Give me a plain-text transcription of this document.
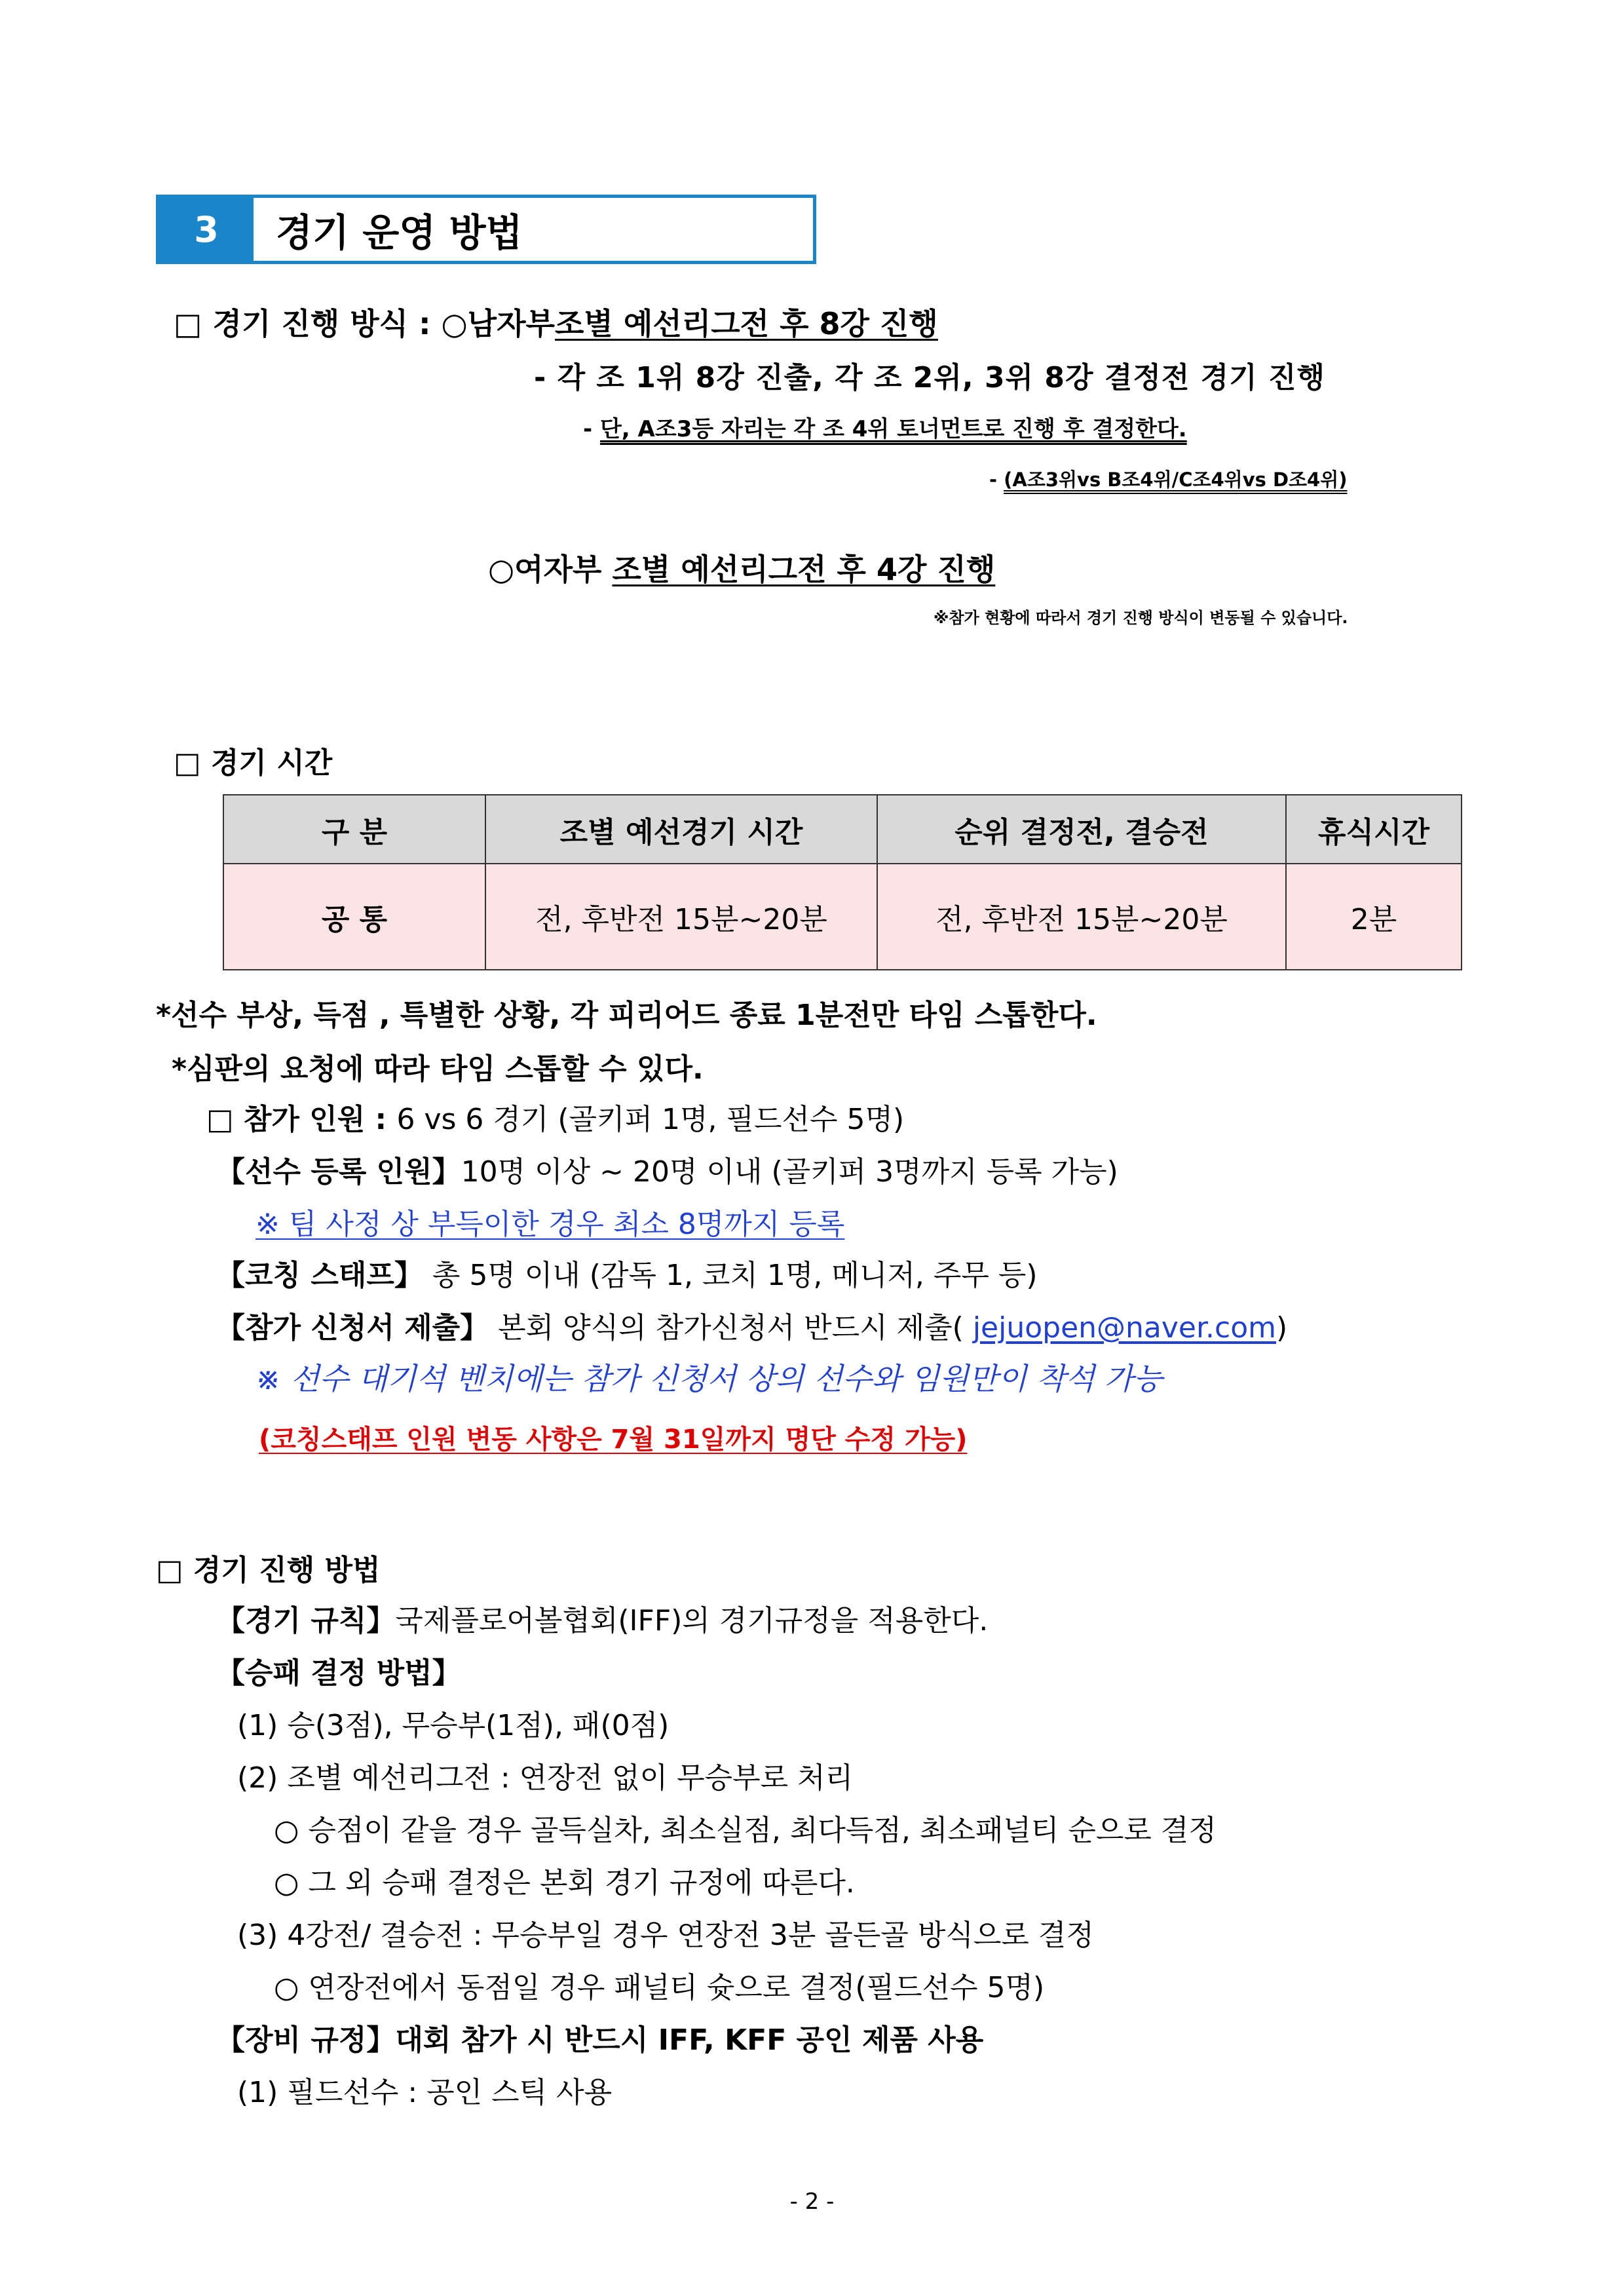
3	경기 운영 방법
□ 경기 진행 방식 : ○남자부조별 예선리그전 후 8강 진행
- 각 조 1위 8강 진출, 각 조 2위, 3위 8강 결정전 경기 진행
- 단, A조3등 자리는 각 조 4위 토너먼트로 진행 후 결정한다.
- (A조3위vs B조4위/C조4위vs D조4위)
○여자부 조별 예선리그전 후 4강 진행
※참가 현황에 따라서 경기 진행 방식이 변동될 수 있습니다.
□ 경기 시간
구 분	조별 예선경기 시간	순위 결정전, 결승전	휴식시간
공 통	전, 후반전 15분~20분	전, 후반전 15분~20분	2분
*선수 부상, 득점 , 특별한 상황, 각 피리어드 종료 1분전만 타임 스톱한다.
*심판의 요청에 따라 타임 스톱할 수 있다.
□ 참가 인원 : 6 vs 6 경기 (골키퍼 1명, 필드선수 5명)
【선수 등록 인원】10명 이상 ~ 20명 이내 (골키퍼 3명까지 등록 가능)
※ 팀 사정 상 부득이한 경우 최소 8명까지 등록
【코칭 스태프】 총 5명 이내 (감독 1, 코치 1명, 메니저, 주무 등)
【참가 신청서 제출】 본회 양식의 참가신청서 반드시 제출( jejuopen@naver.com)
※ 선수 대기석 벤치에는 참가 신청서 상의 선수와 임원만이 착석 가능
(코칭스태프 인원 변동 사항은 7월 31일까지 명단 수정 가능)
□ 경기 진행 방법
【경기 규칙】국제플로어볼협회(IFF)의 경기규정을 적용한다.
【승패 결정 방법】
(1) 승(3점), 무승부(1점), 패(0점)
(2) 조별 예선리그전 : 연장전 없이 무승부로 처리
○ 승점이 같을 경우 골득실차, 최소실점, 최다득점, 최소패널티 순으로 결정
○ 그 외 승패 결정은 본회 경기 규정에 따른다.
(3) 4강전/ 결승전 : 무승부일 경우 연장전 3분 골든골 방식으로 결정
○ 연장전에서 동점일 경우 패널티 슛으로 결정(필드선수 5명)
【장비 규정】대회 참가 시 반드시 IFF, KFF 공인 제품 사용
(1) 필드선수 : 공인 스틱 사용
- 2 -
